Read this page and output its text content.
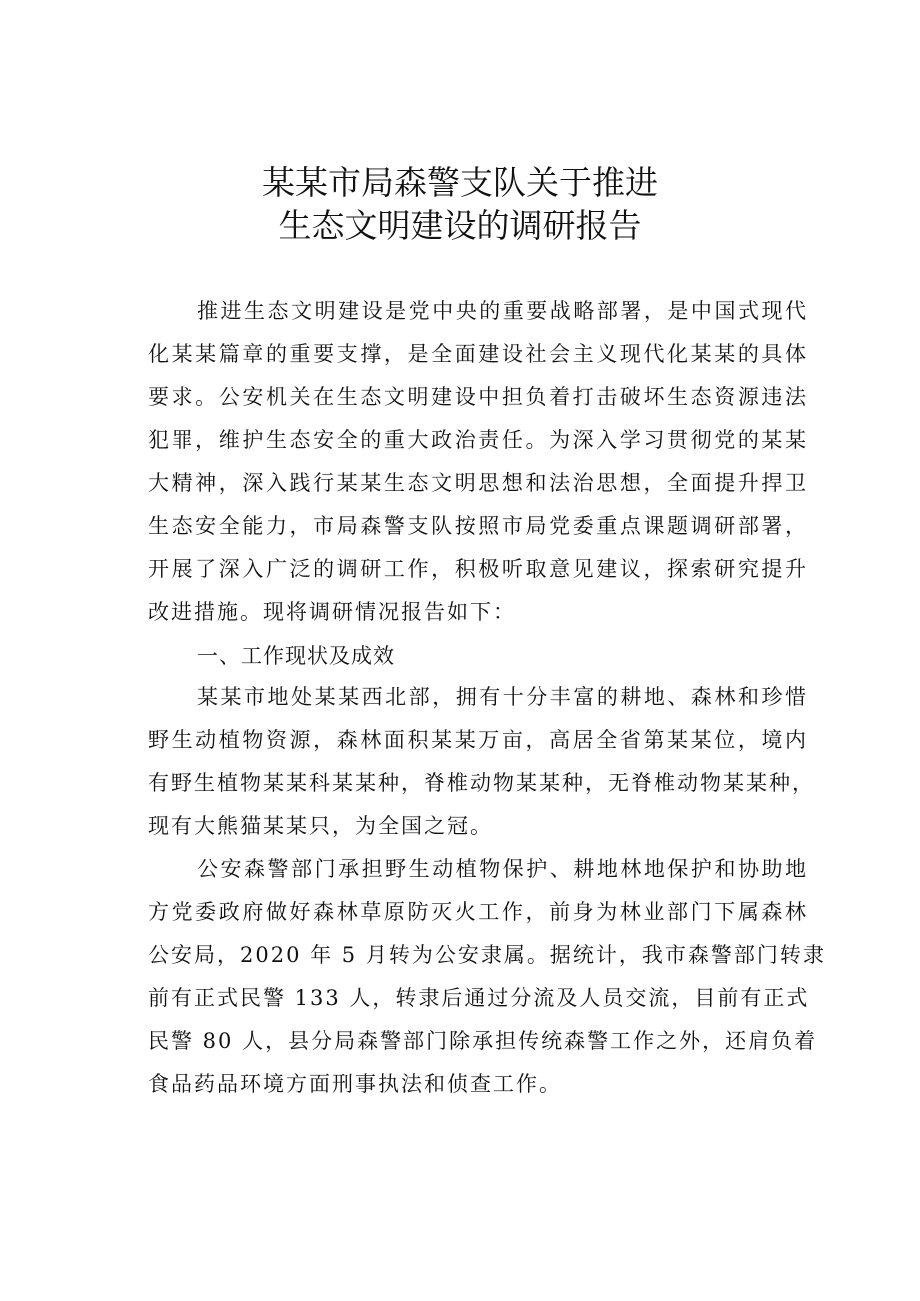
某某市局森警支队关于推进
生态文明建设的调研报告
推进生态文明建设是党中央的重要战略部署，是中国式现代
化某某篇章的重要支撑，是全面建设社会主义现代化某某的具体
要求。公安机关在生态文明建设中担负着打击破坏生态资源违法
犯罪，维护生态安全的重大政治责任。为深入学习贯彻党的某某
大精神，深入践行某某生态文明思想和法治思想，全面提升捍卫
生态安全能力，市局森警支队按照市局党委重点课题调研部署，
开展了深入广泛的调研工作，积极听取意见建议，探索研究提升
改进措施。现将调研情况报告如下：
一、工作现状及成效
某某市地处某某西北部，拥有十分丰富的耕地、森林和珍惜
野生动植物资源，森林面积某某万亩，高居全省第某某位，境内
有野生植物某某科某某种，脊椎动物某某种，无脊椎动物某某种，
现有大熊猫某某只，为全国之冠。
公安森警部门承担野生动植物保护、耕地林地保护和协助地
方党委政府做好森林草原防灭火工作，前身为林业部门下属森林
公安局，2020 年 5 月转为公安隶属。据统计，我市森警部门转隶
前有正式民警 133 人，转隶后通过分流及人员交流，目前有正式
民警 80 人，县分局森警部门除承担传统森警工作之外，还肩负着
食品药品环境方面刑事执法和侦查工作。
